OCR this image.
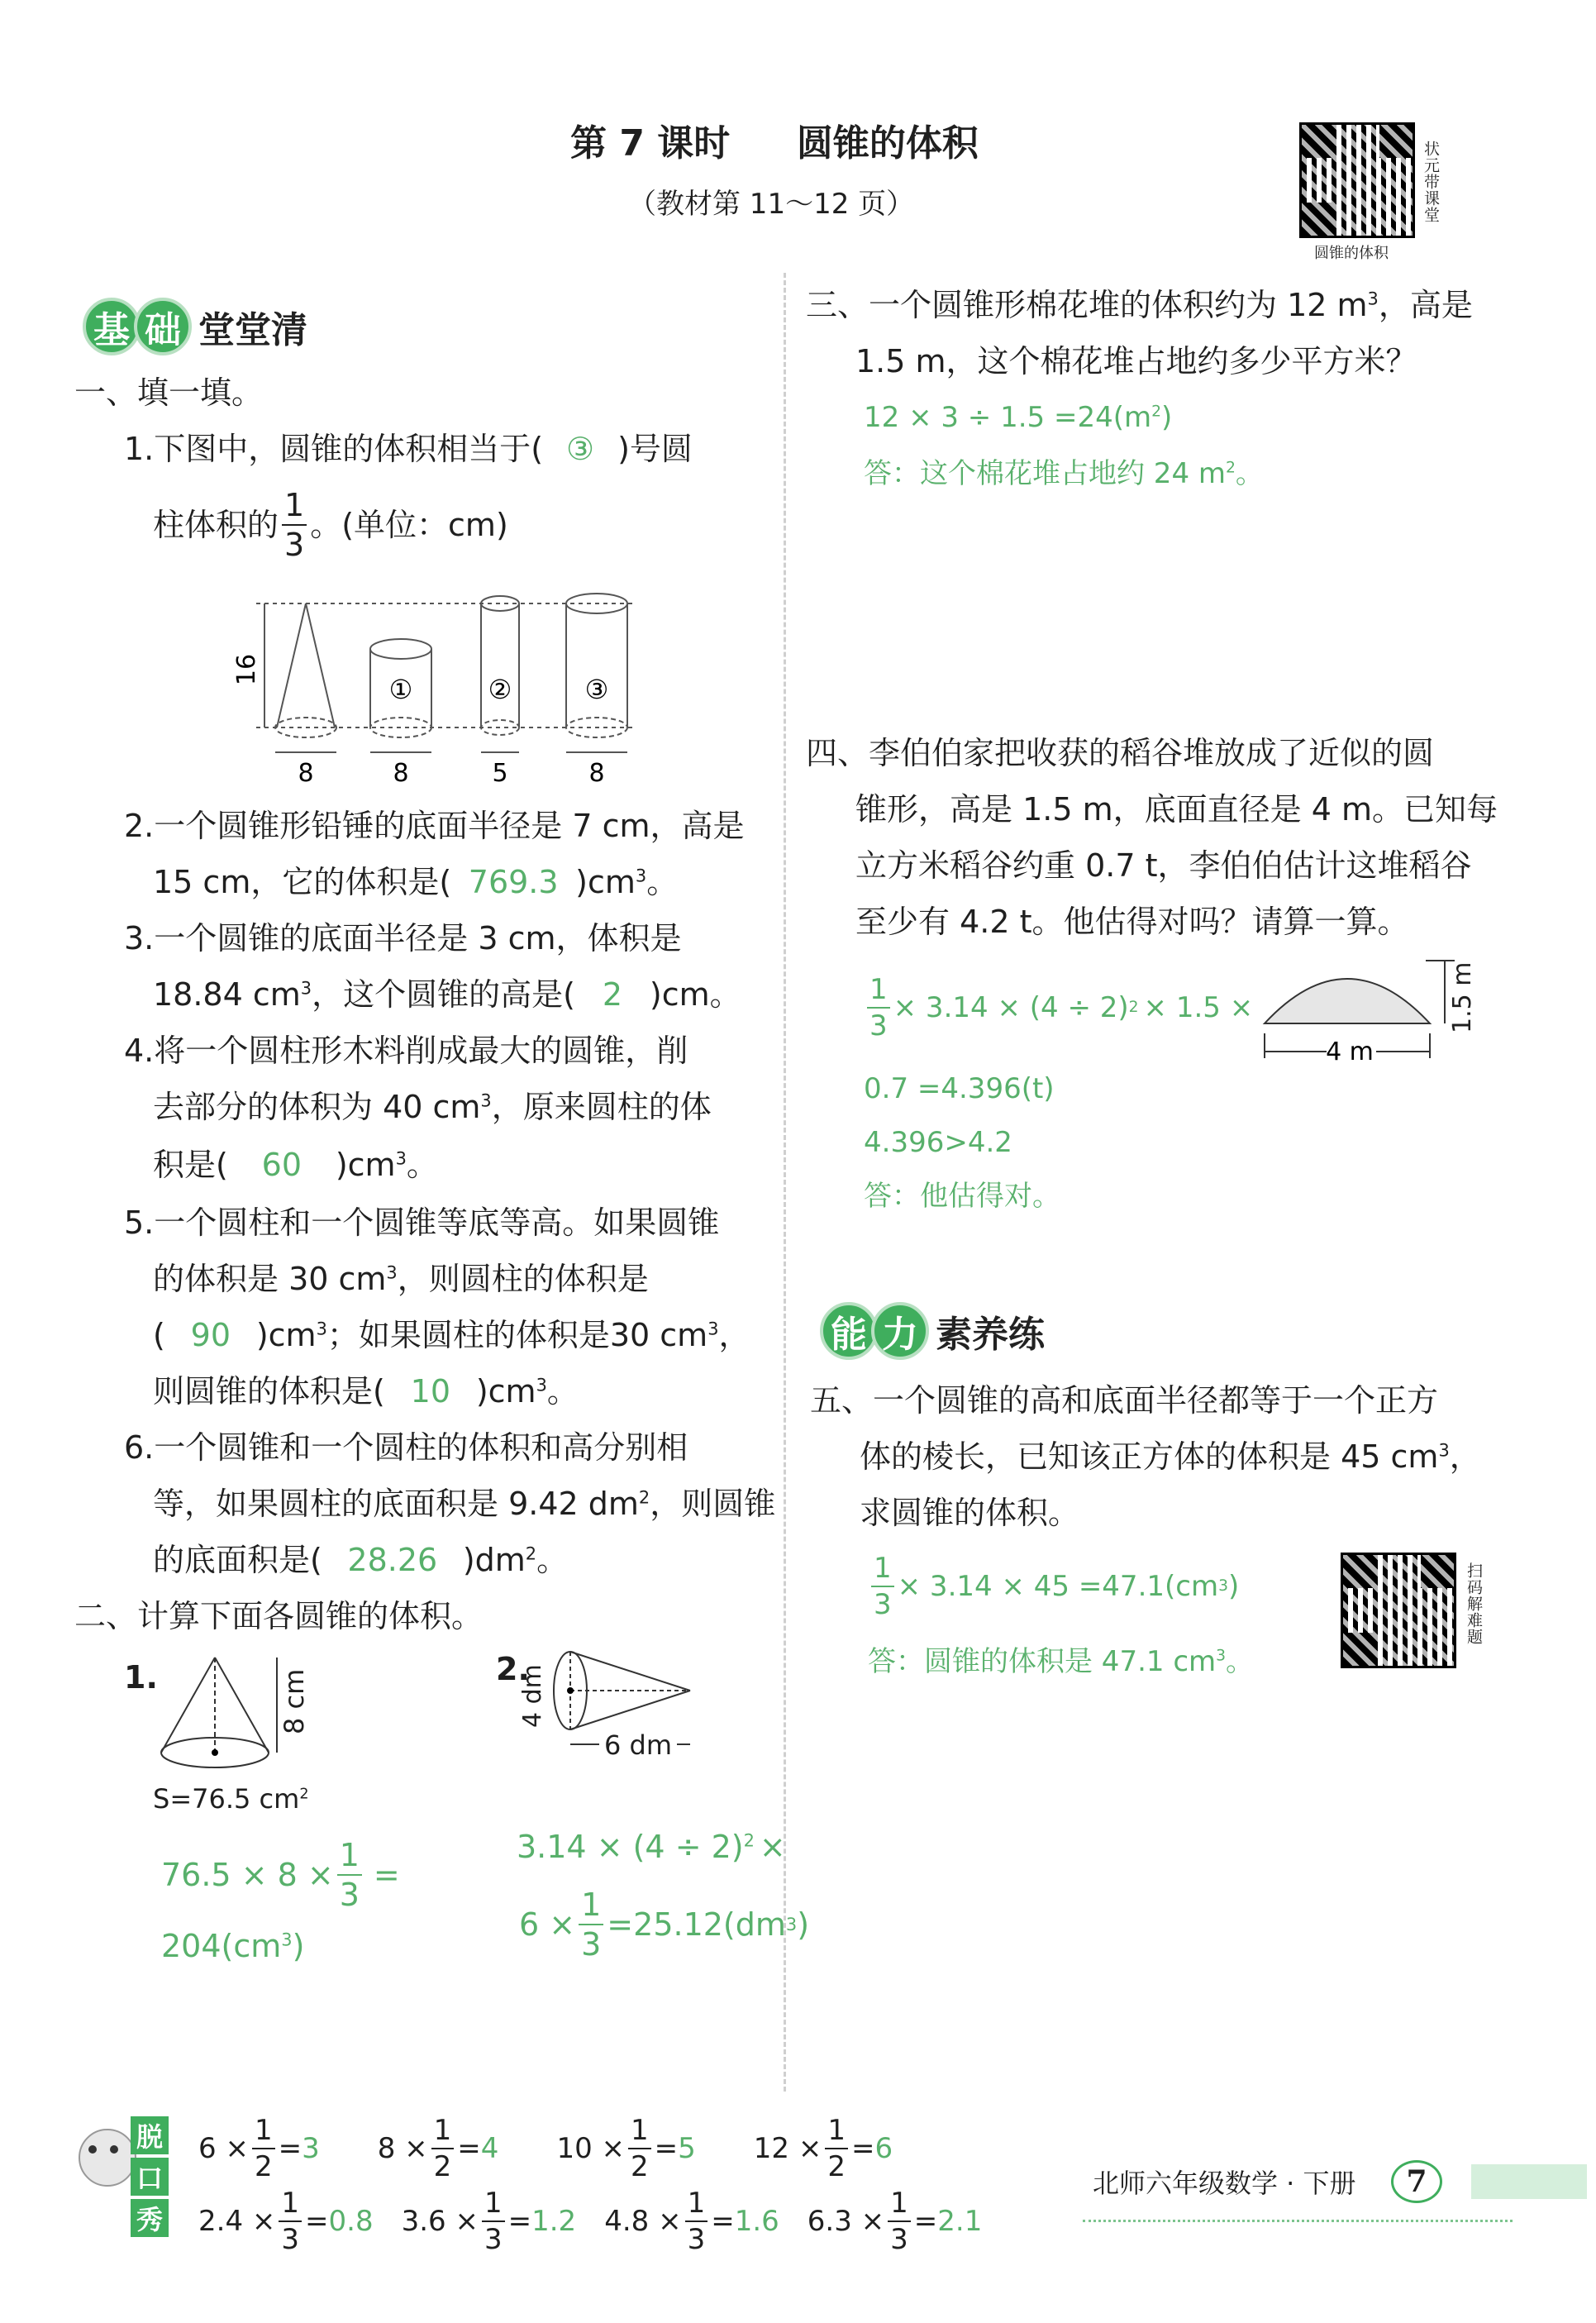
第 7 课时 圆锥的体积
（教材第 11～12 页）	状元带课堂
圆锥的体积
基 础 堂堂清
一、填一填。
1.下图中，圆锥的体积相当于( ③ )号圆
柱体积的 $\frac{1}{3}$ 。(单位：cm)
16
8	8	5	8
①	②	③
2.一个圆锥形铅锤的底面半径是 7 cm，高是
15 cm，它的体积是( 769.3 )$cm^3$。
3.一个圆锥的底面半径是 3 cm，体积是
18.84 $cm^3$，这个圆锥的高是( 2 )cm。
4.将一个圆柱形木料削成最大的圆锥，削
去部分的体积为 40 $cm^3$，原来圆柱的体
积是( 60 )$cm^3$。
5.一个圆柱和一个圆锥等底等高。如果圆锥
的体积是 30 $cm^3$，则圆柱的体积是
( 90 )$cm^3$；如果圆柱的体积是30 $cm^3$，
则圆锥的体积是( 10 )$cm^3$。
6.一个圆锥和一个圆柱的体积和高分别相
等，如果圆柱的底面积是 9.42 $dm^2$，则圆锥
的底面积是( 28.26 )$dm^2$。
二、计算下面各圆锥的体积。
1.	8 cm
S=76.5 $cm^2$
$76.5 \times 8 \times \frac{1}{3}$ =
$204(cm^3)$
2.
4 dm
6 dm
$3.14 \times (4 \div 2)^2$ ×
$6 \times \frac{1}{3} =25.12(dm$ 3 )
三、一个圆锥形棉花堆的体积约为 12 $m^3$，高是
1.5 m，这个棉花堆占地约多少平方米？
$12 \times 3 \div 1.5 =24(m^2)$
答：这个棉花堆占地约 24 $m^2$。
四、李伯伯家把收获的稻谷堆放成了近似的圆
锥形，高是 1.5 m，底面直径是 4 m。已知每
立方米稻谷约重 0.7 t，李伯伯估计这堆稻谷
至少有 4.2 t。他估得对吗？请算一算。
$\frac{1}{3} \times 3.14 \times (4 \div 2) 2 \times 1.5$ ×
0.7 =4.396(t)
4.396>4.2
答：他估得对。
4 m
1.5 m
能 力 素养练
五、一个圆锥的高和底面半径都等于一个正方
体的棱长，已知该正方体的体积是 45 $cm^3$，
求圆锥的体积。
$\frac{1}{3} \times 3.14 \times 45 =47.1(cm$ 3 )
答：圆锥的体积是 47.1 $cm^3$。
扫码解难题
脱
口
秀
$6 \times \frac{1}{2} = 3$ $8 \times \frac{1}{2} = 4$ $10 \times \frac{1}{2} = 5$ $12 \times \frac{1}{2} = 6$
$2.4 \times \frac{1}{3} = 0.8$ $3.6 \times \frac{1}{3} = 1.2$ $4.8 \times \frac{1}{3} = 1.6$ $6.3 \times \frac{1}{3} = 2.1$
北师六年级数学 · 下册	7
